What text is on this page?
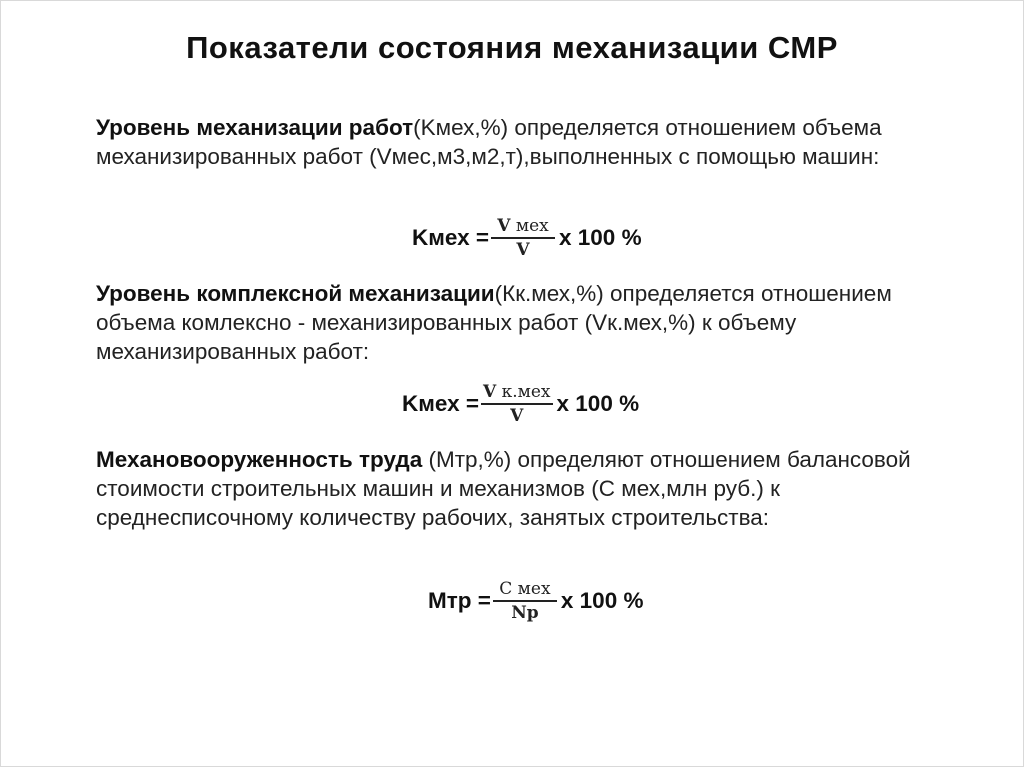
Показатели состояния механизации СМР
Уровень механизации работ(Kмех,%) определяется отношением объема механизированных работ (Vмес,м3,м2,т),выполненных с помощью машин:
Kмех = $\frac{\text{V мех}}{V}$ x 100 %
Уровень комплексной механизации(Кк.мех,%) определяется отношением объема комлексно - механизированных работ (Vк.мех,%) к объему механизированных работ:
Kмех = $\frac{\text{V к.мех}}{V}$ x 100 %
Механовооруженность труда (Мтр,%) определяют отношением балансовой стоимости строительных машин и механизмов (С мех,млн руб.) к среднесписочному количеству рабочих, занятых строительства:
Мтр = $\frac{\text{С мех}}{Nр}$ x 100 %
